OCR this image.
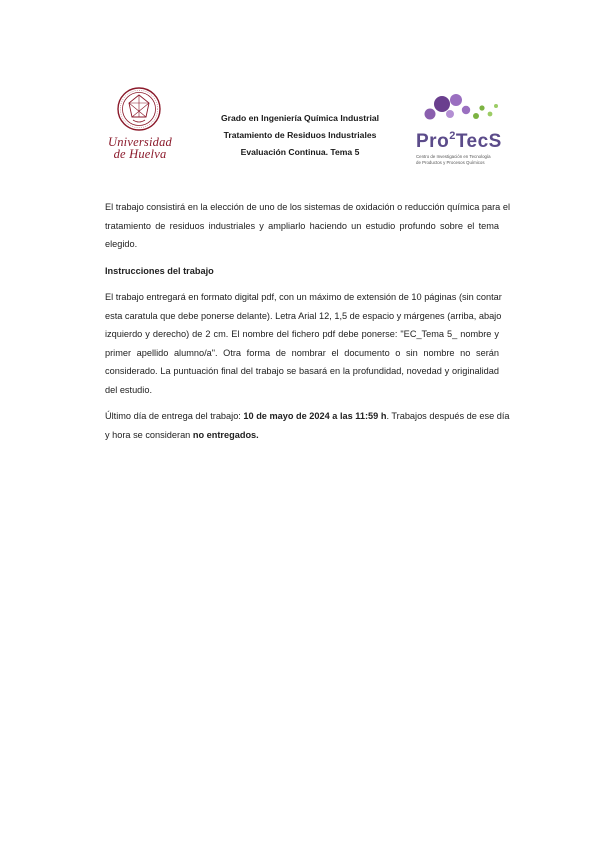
Universidad
de Huelva
Grado en Ingeniería Química Industrial
Tratamiento de Residuos Industriales
Evaluación Continua. Tema 5	Pro$^2$TecS
Centro de Investigación en Tecnología
de Productos y Procesos Químicos

El trabajo consistirá en la elección de uno de los sistemas de oxidación o reducción química para el
tratamiento de residuos industriales y ampliarlo haciendo un estudio profundo sobre el tema
elegido.

Instrucciones del trabajo

El trabajo entregará en formato digital pdf, con un máximo de extensión de 10 páginas (sin contar
esta caratula que debe ponerse delante). Letra Arial 12, 1,5 de espacio y márgenes (arriba, abajo
izquierdo y derecho) de 2 cm. El nombre del fichero pdf debe ponerse: "EC_Tema 5_ nombre y
primer apellido alumno/a". Otra forma de nombrar el documento o sin nombre no serán
considerado. La puntuación final del trabajo se basará en la profundidad, novedad y originalidad
del estudio.

Último día de entrega del trabajo: 10 de mayo de 2024 a las 11:59 h. Trabajos después de ese día
y hora se consideran no entregados.
